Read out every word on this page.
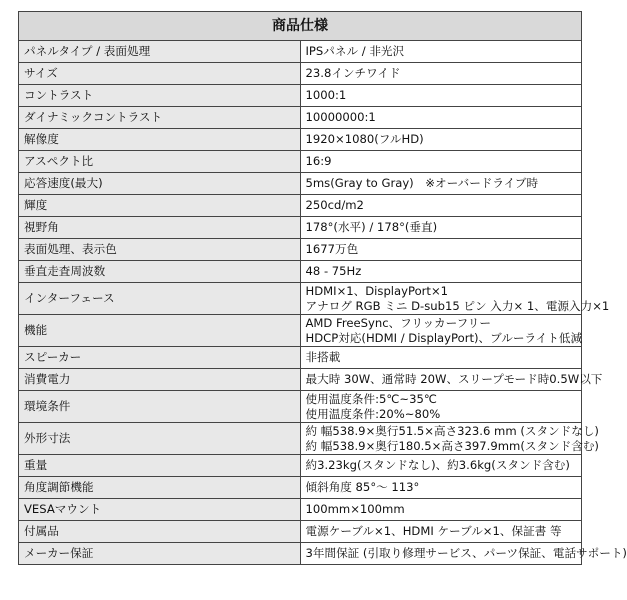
商品仕様	
パネルタイプ / 表面処理	IPSパネル / 非光沢

サイズ	23.8インチワイド

コントラスト	1000:1

ダイナミックコントラスト	10000000:1

解像度	1920×1080(フルHD)

アスペクト比	16:9

応答速度(最大)	5ms(Gray to Gray)　※オーバードライブ時

輝度	250cd/m2

視野角	178°(水平) / 178°(垂直)

表面処理、表示色	1677万色

垂直走査周波数	48 - 75Hz

インターフェース	HDMI×1、DisplayPort×1
アナログ RGB ミニ D-sub15 ピン 入力× 1、電源入力×1

機能	AMD FreeSync、フリッカーフリー
HDCP対応(HDMI / DisplayPort)、ブルーライト低減

スピーカー	非搭載

消費電力	最大時 30W、通常時 20W、スリープモード時0.5W以下

環境条件	使用温度条件:5℃~35℃
使用温度条件:20%~80%

外形寸法	約 幅538.9×奥行51.5×高さ323.6 mm (スタンドなし)
約 幅538.9×奥行180.5×高さ397.9mm(スタンド含む)

重量	約3.23kg(スタンドなし)、約3.6kg(スタンド含む)

角度調節機能	傾斜角度 85°～ 113°

VESAマウント	100mm×100mm

付属品	電源ケーブル×1、HDMI ケーブル×1、保証書 等

メーカー保証	3年間保証 (引取り修理サービス、パーツ保証、電話サポート)
